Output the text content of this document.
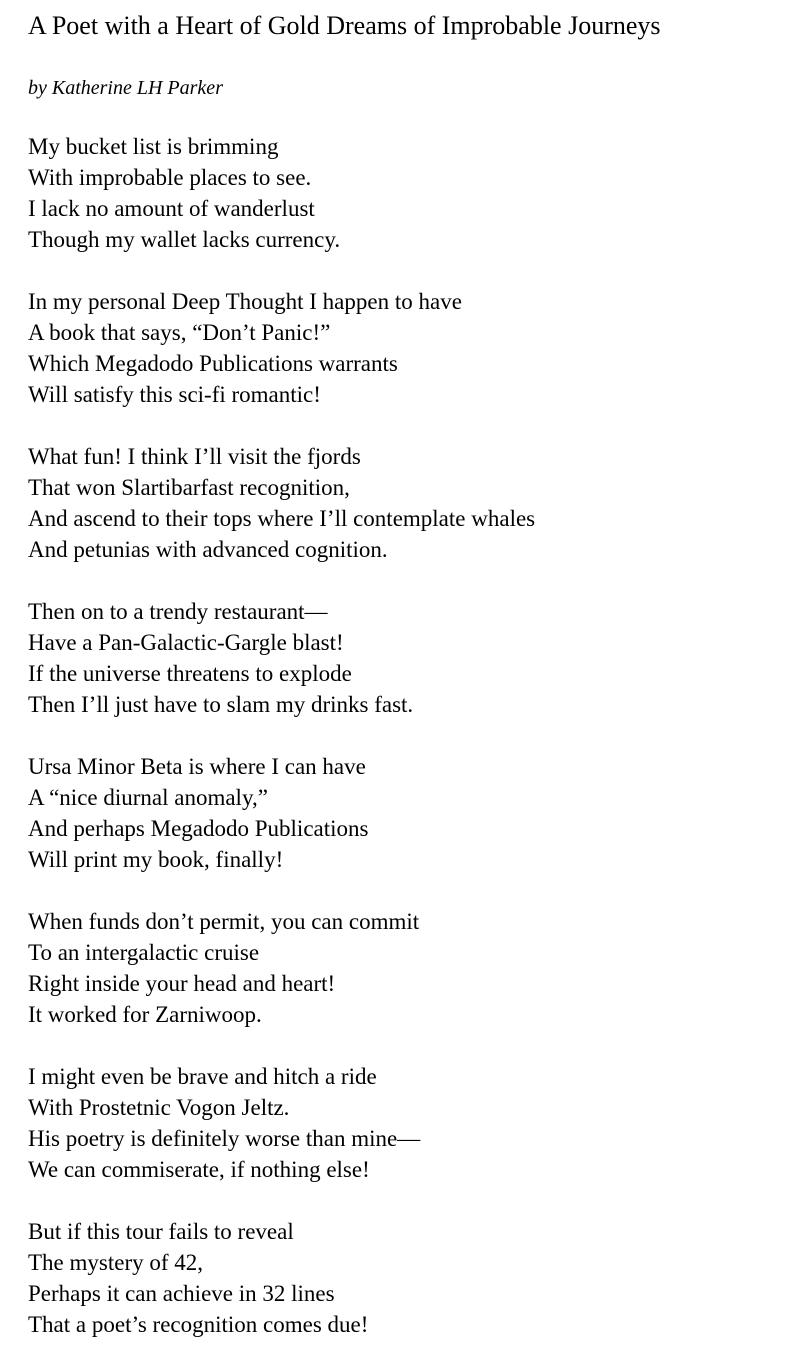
A Poet with a Heart of Gold Dreams of Improbable Journeys

by Katherine LH Parker

My bucket list is brimming
With improbable places to see.
I lack no amount of wanderlust
Though my wallet lacks currency.
In my personal Deep Thought I happen to have
A book that says, “Don’t Panic!”
Which Megadodo Publications warrants
Will satisfy this sci-fi romantic!
What fun! I think I’ll visit the fjords
That won Slartibarfast recognition,
And ascend to their tops where I’ll contemplate whales
And petunias with advanced cognition.
Then on to a trendy restaurant—
Have a Pan-Galactic-Gargle blast!
If the universe threatens to explode
Then I’ll just have to slam my drinks fast.
Ursa Minor Beta is where I can have
A “nice diurnal anomaly,”
And perhaps Megadodo Publications
Will print my book, finally!
When funds don’t permit, you can commit
To an intergalactic cruise
Right inside your head and heart!
It worked for Zarniwoop.
I might even be brave and hitch a ride
With Prostetnic Vogon Jeltz.
His poetry is definitely worse than mine—
We can commiserate, if nothing else!
But if this tour fails to reveal
The mystery of 42,
Perhaps it can achieve in 32 lines
That a poet’s recognition comes due!
